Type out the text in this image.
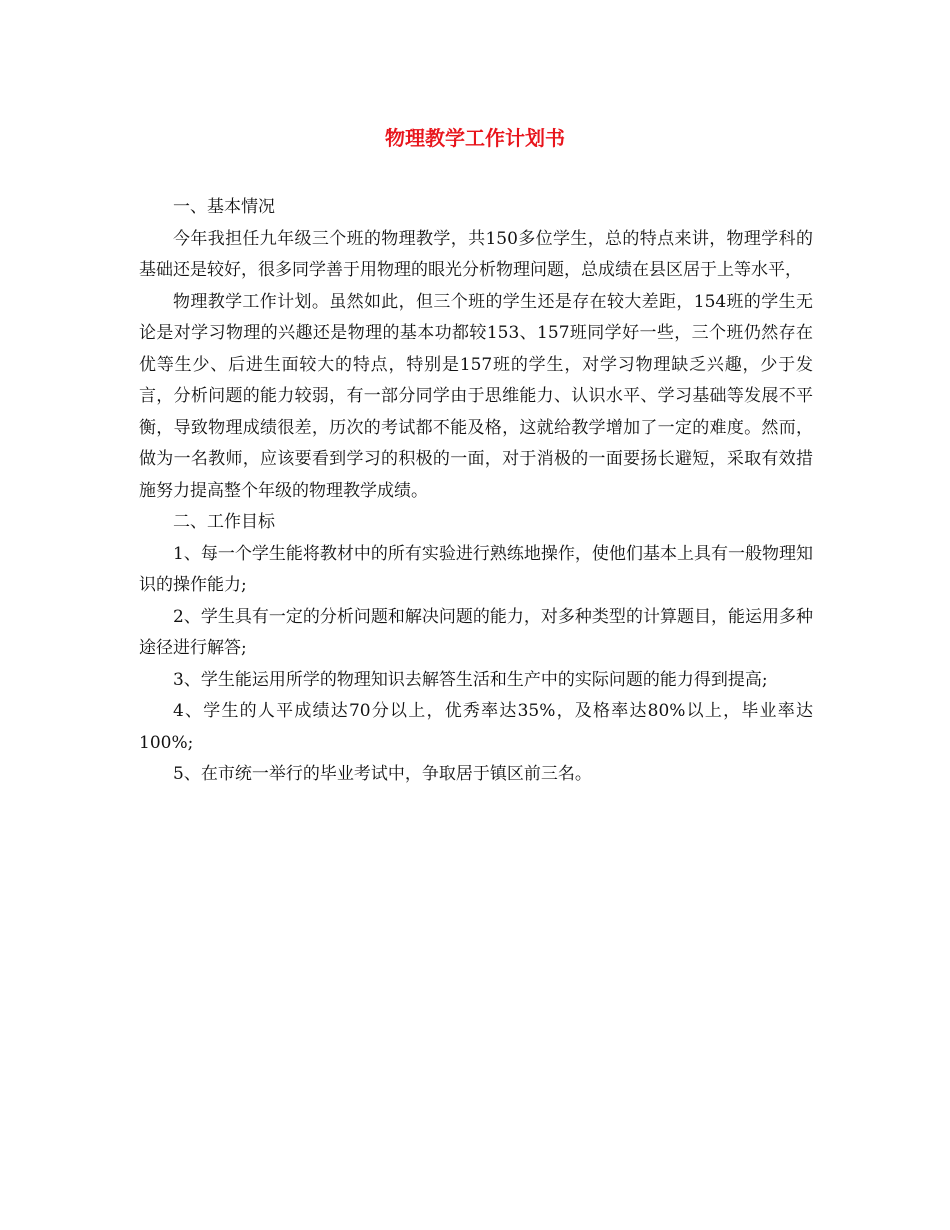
物理教学工作计划书

一、基本情况

今年我担任九年级三个班的物理教学，共150多位学生，总的特点来讲，物理学科的基础还是较好，很多同学善于用物理的眼光分析物理问题，总成绩在县区居于上等水平，

物理教学工作计划。虽然如此，但三个班的学生还是存在较大差距，154班的学生无论是对学习物理的兴趣还是物理的基本功都较153、157班同学好一些，三个班仍然存在优等生少、后进生面较大的特点，特别是157班的学生，对学习物理缺乏兴趣，少于发言，分析问题的能力较弱，有一部分同学由于思维能力、认识水平、学习基础等发展不平衡，导致物理成绩很差，历次的考试都不能及格，这就给教学增加了一定的难度。然而，做为一名教师，应该要看到学习的积极的一面，对于消极的一面要扬长避短，采取有效措施努力提高整个年级的物理教学成绩。

二、工作目标

1、每一个学生能将教材中的所有实验进行熟练地操作，使他们基本上具有一般物理知识的操作能力;

2、学生具有一定的分析问题和解决问题的能力，对多种类型的计算题目，能运用多种途径进行解答;

3、学生能运用所学的物理知识去解答生活和生产中的实际问题的能力得到提高;

4、学生的人平成绩达70分以上，优秀率达35%，及格率达80%以上，毕业率达100%;

5、在市统一举行的毕业考试中，争取居于镇区前三名。
